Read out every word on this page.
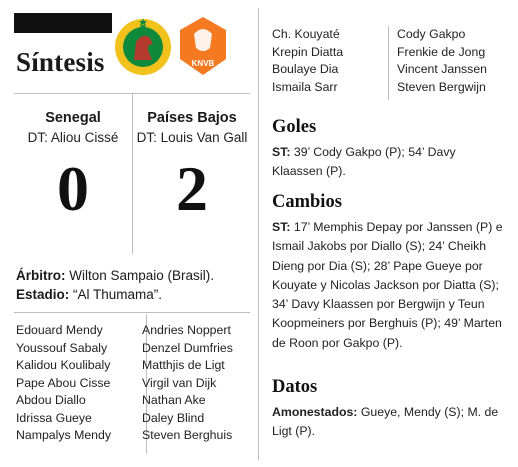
Síntesis	KNVB
Senegal
DT: Aliou Cissé
0
Países Bajos
DT: Louis Van Gall
2
Árbitro: Wilton Sampaio (Brasil).
Estadio: “Al Thumama”.
Edouard Mendy
Youssouf Sabaly
Kalidou Koulibaly
Pape Abou Cisse
Abdou Diallo
Idrissa Gueye
Nampalys Mendy
Andries Noppert
Denzel Dumfries
Matthjis de Ligt
Virgil van Dijk
Nathan Ake
Daley Blind
Steven Berghuis
Ch. Kouyaté
Krepin Diatta
Boulaye Dia
Ismaila Sarr
Cody Gakpo
Frenkie de Jong
Vincent Janssen
Steven Bergwijn
Goles

ST: 39’ Cody Gakpo (P); 54’ Davy Klaassen (P).

Cambios

ST: 17’ Memphis Depay por Janssen (P) e Ismail Jakobs por Diallo (S); 24’ Cheikh Dieng por Dia (S); 28’ Pape Gueye por Kouyate y Nicolas Jackson por Diatta (S); 34’ Davy Klaassen por Bergwijn y Teun Koopmeiners por Berghuis (P); 49’ Marten de Roon por Gakpo (P).

Datos

Amonestados: Gueye, Mendy (S); M. de Ligt (P).
